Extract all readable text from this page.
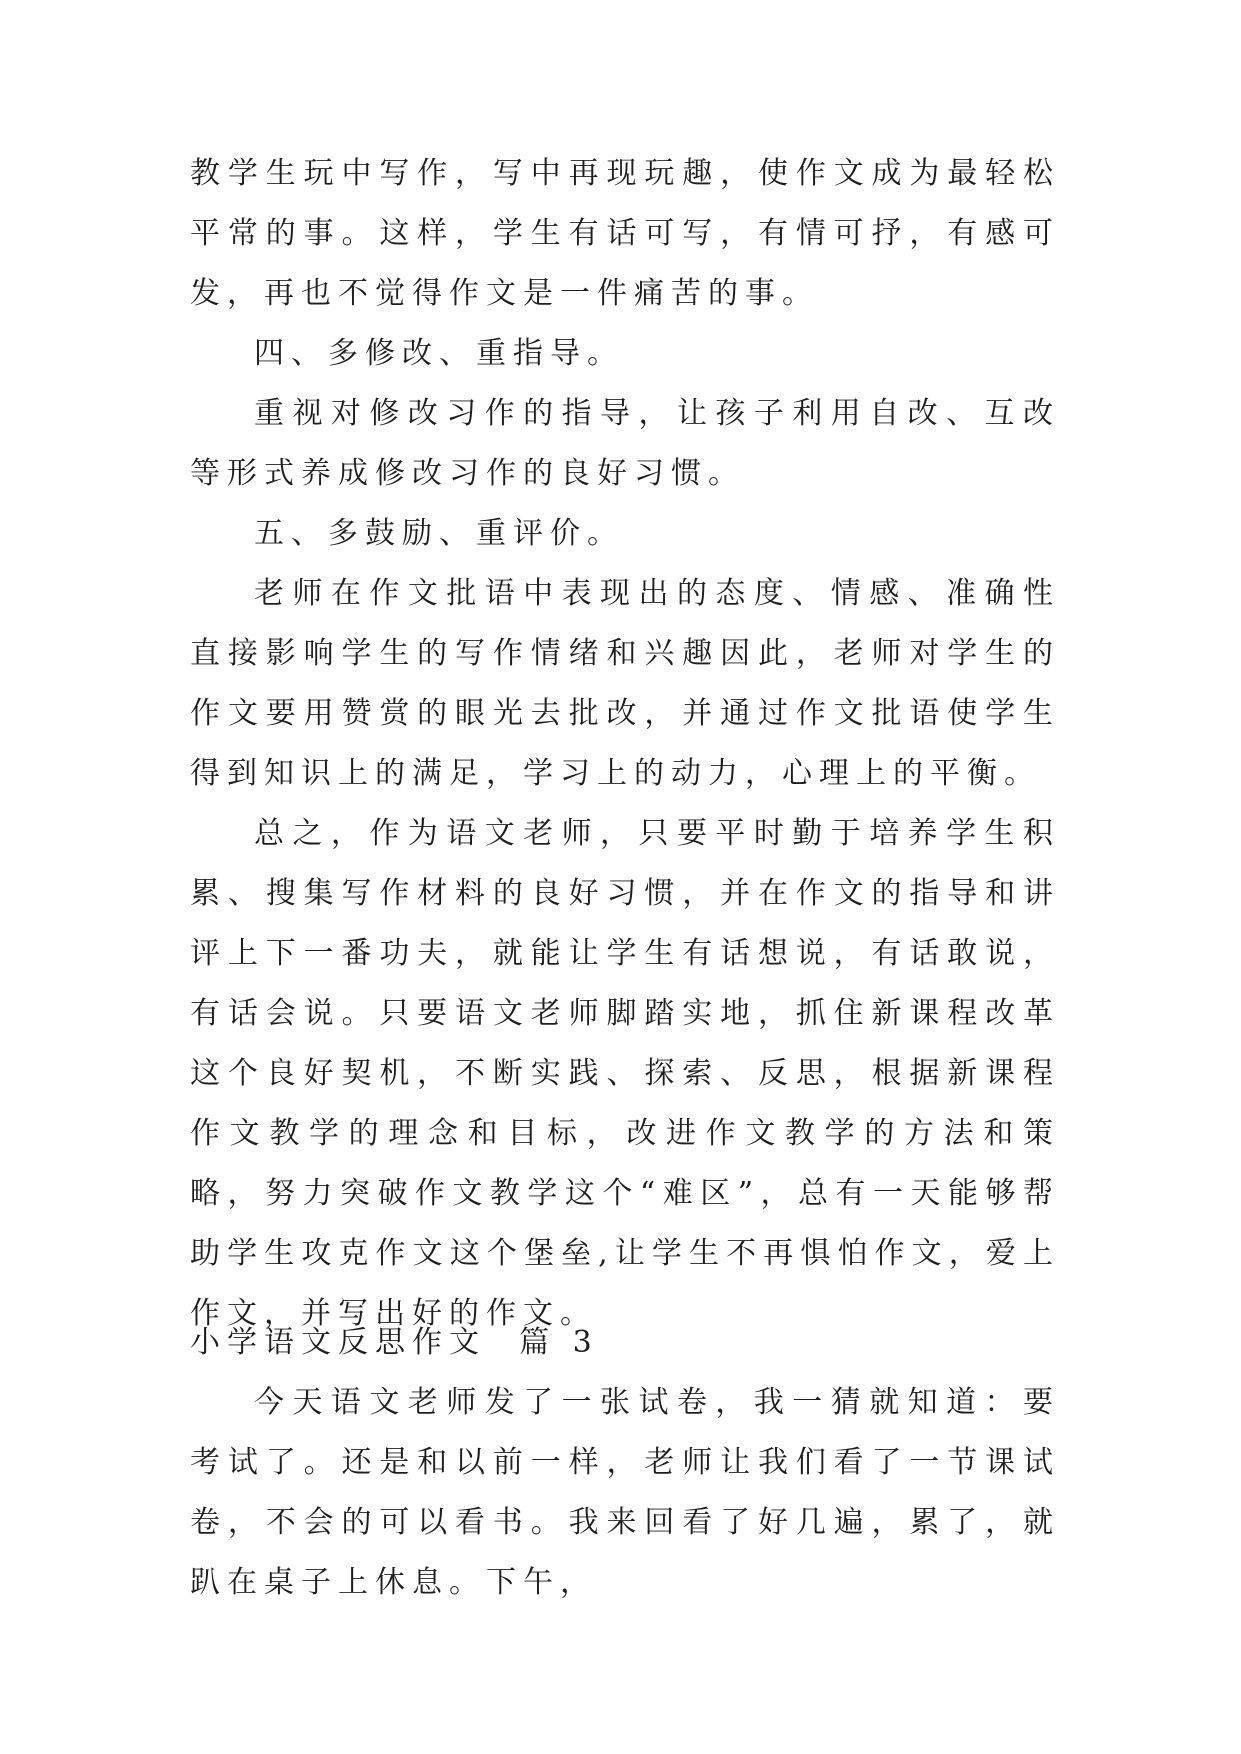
教学生玩中写作，写中再现玩趣，使作文成为最轻松平常的事。这样，学生有话可写，有情可抒，有感可发，再也不觉得作文是一件痛苦的事。

四、多修改、重指导。

重视对修改习作的指导，让孩子利用自改、互改等形式养成修改习作的良好习惯。

五、多鼓励、重评价。

老师在作文批语中表现出的态度、情感、准确性直接影响学生的写作情绪和兴趣因此，老师对学生的作文要用赞赏的眼光去批改，并通过作文批语使学生得到知识上的满足，学习上的动力，心理上的平衡。

总之，作为语文老师，只要平时勤于培养学生积累、搜集写作材料的良好习惯，并在作文的指导和讲评上下一番功夫，就能让学生有话想说，有话敢说，有话会说。只要语文老师脚踏实地，抓住新课程改革这个良好契机，不断实践、探索、反思，根据新课程作文教学的理念和目标，改进作文教学的方法和策略，努力突破作文教学这个“难区”，总有一天能够帮助学生攻克作文这个堡垒,让学生不再惧怕作文，爱上作文，并写出好的作文。

小学语文反思作文  篇 3

今天语文老师发了一张试卷，我一猜就知道：要考试了。还是和以前一样，老师让我们看了一节课试卷，不会的可以看书。我来回看了好几遍，累了，就趴在桌子上休息。下午，
